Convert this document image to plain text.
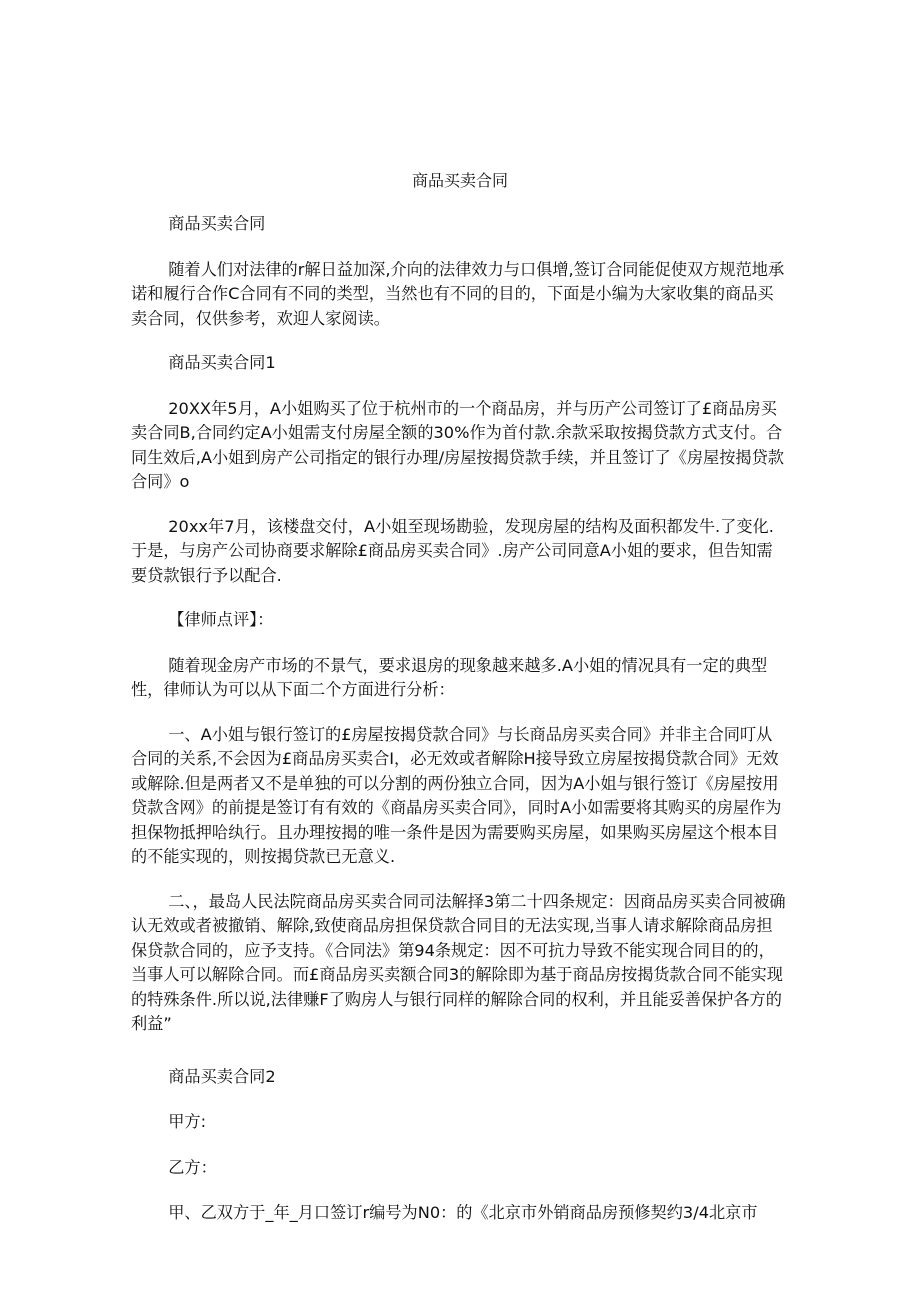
商品买卖合同

商品买卖合同

随着人们对法律的r解日益加深,介向的法律效力与口俱增,签订合同能促使双方规范地承诺和履行合作C合同有不同的类型，当然也有不同的目的，下面是小编为大家收集的商品买卖合同，仅供参考，欢迎人家阅读。

商品买卖合同1

20XX年5月，A小姐购买了位于杭州市的一个商品房，并与历产公司签订了£商品房买卖合同B,合同约定A小姐需支付房屋全额的30%作为首付款.余款采取按揭贷款方式支付。合同生效后,A小姐到房产公司指定的银行办理/房屋按揭贷款手续，并且签订了《房屋按揭贷款合同》o

20xx年7月，该楼盘交付，A小姐至现场勘验，发现房屋的结构及面积都发牛.了变化.于是，与房产公司协商要求解除£商品房买卖合同》.房产公司同意A小姐的要求，但告知需要贷款银行予以配合.

【律师点评】：

随着现金房产市场的不景气，要求退房的现象越来越多.A小姐的情况具有一定的典型性，律师认为可以从下面二个方面进行分析：

一、A小姐与银行签订的£房屋按揭贷款合同》与长商品房买卖合同》并非主合同叮从合同的关系,不会因为£商品房买卖合I，必无效或者解除H接导致立房屋按揭贷款合同》无效或解除.但是两者又不是单独的可以分割的两份独立合同，因为A小姐与银行签订《房屋按用贷款含网》的前提是签订有有效的《商晶房买卖合同》，同时A小如需要将其购买的房屋作为担保物抵押哈纨行。且办理按揭的唯一条件是因为需要购买房屋，如果购买房屋这个根本目的不能实现的，则按揭贷款已无意义.

二、，最岛人民法院商品房买卖合同司法解择3第二十四条规定：因商品房买卖合同被确认无效或者被撤销、解除,致使商品房担保贷款合同目的无法实现,当事人请求解除商品房担保贷款合同的，应予支持。《合同法》第94条规定：因不可抗力导致不能实现合同目的的，当事人可以解除合同。而£商品房买卖额合同3的解除即为基于商品房按揭货款合同不能实现的特殊条件.所以说,法律赚F了购房人与银行同样的解除合同的权利，并且能妥善保护各方的利益”

商品买卖合同2

甲方:

乙方：

甲、乙双方于_年_月口签订r编号为N0：的《北京市外销商品房预修契约3/4北京市
